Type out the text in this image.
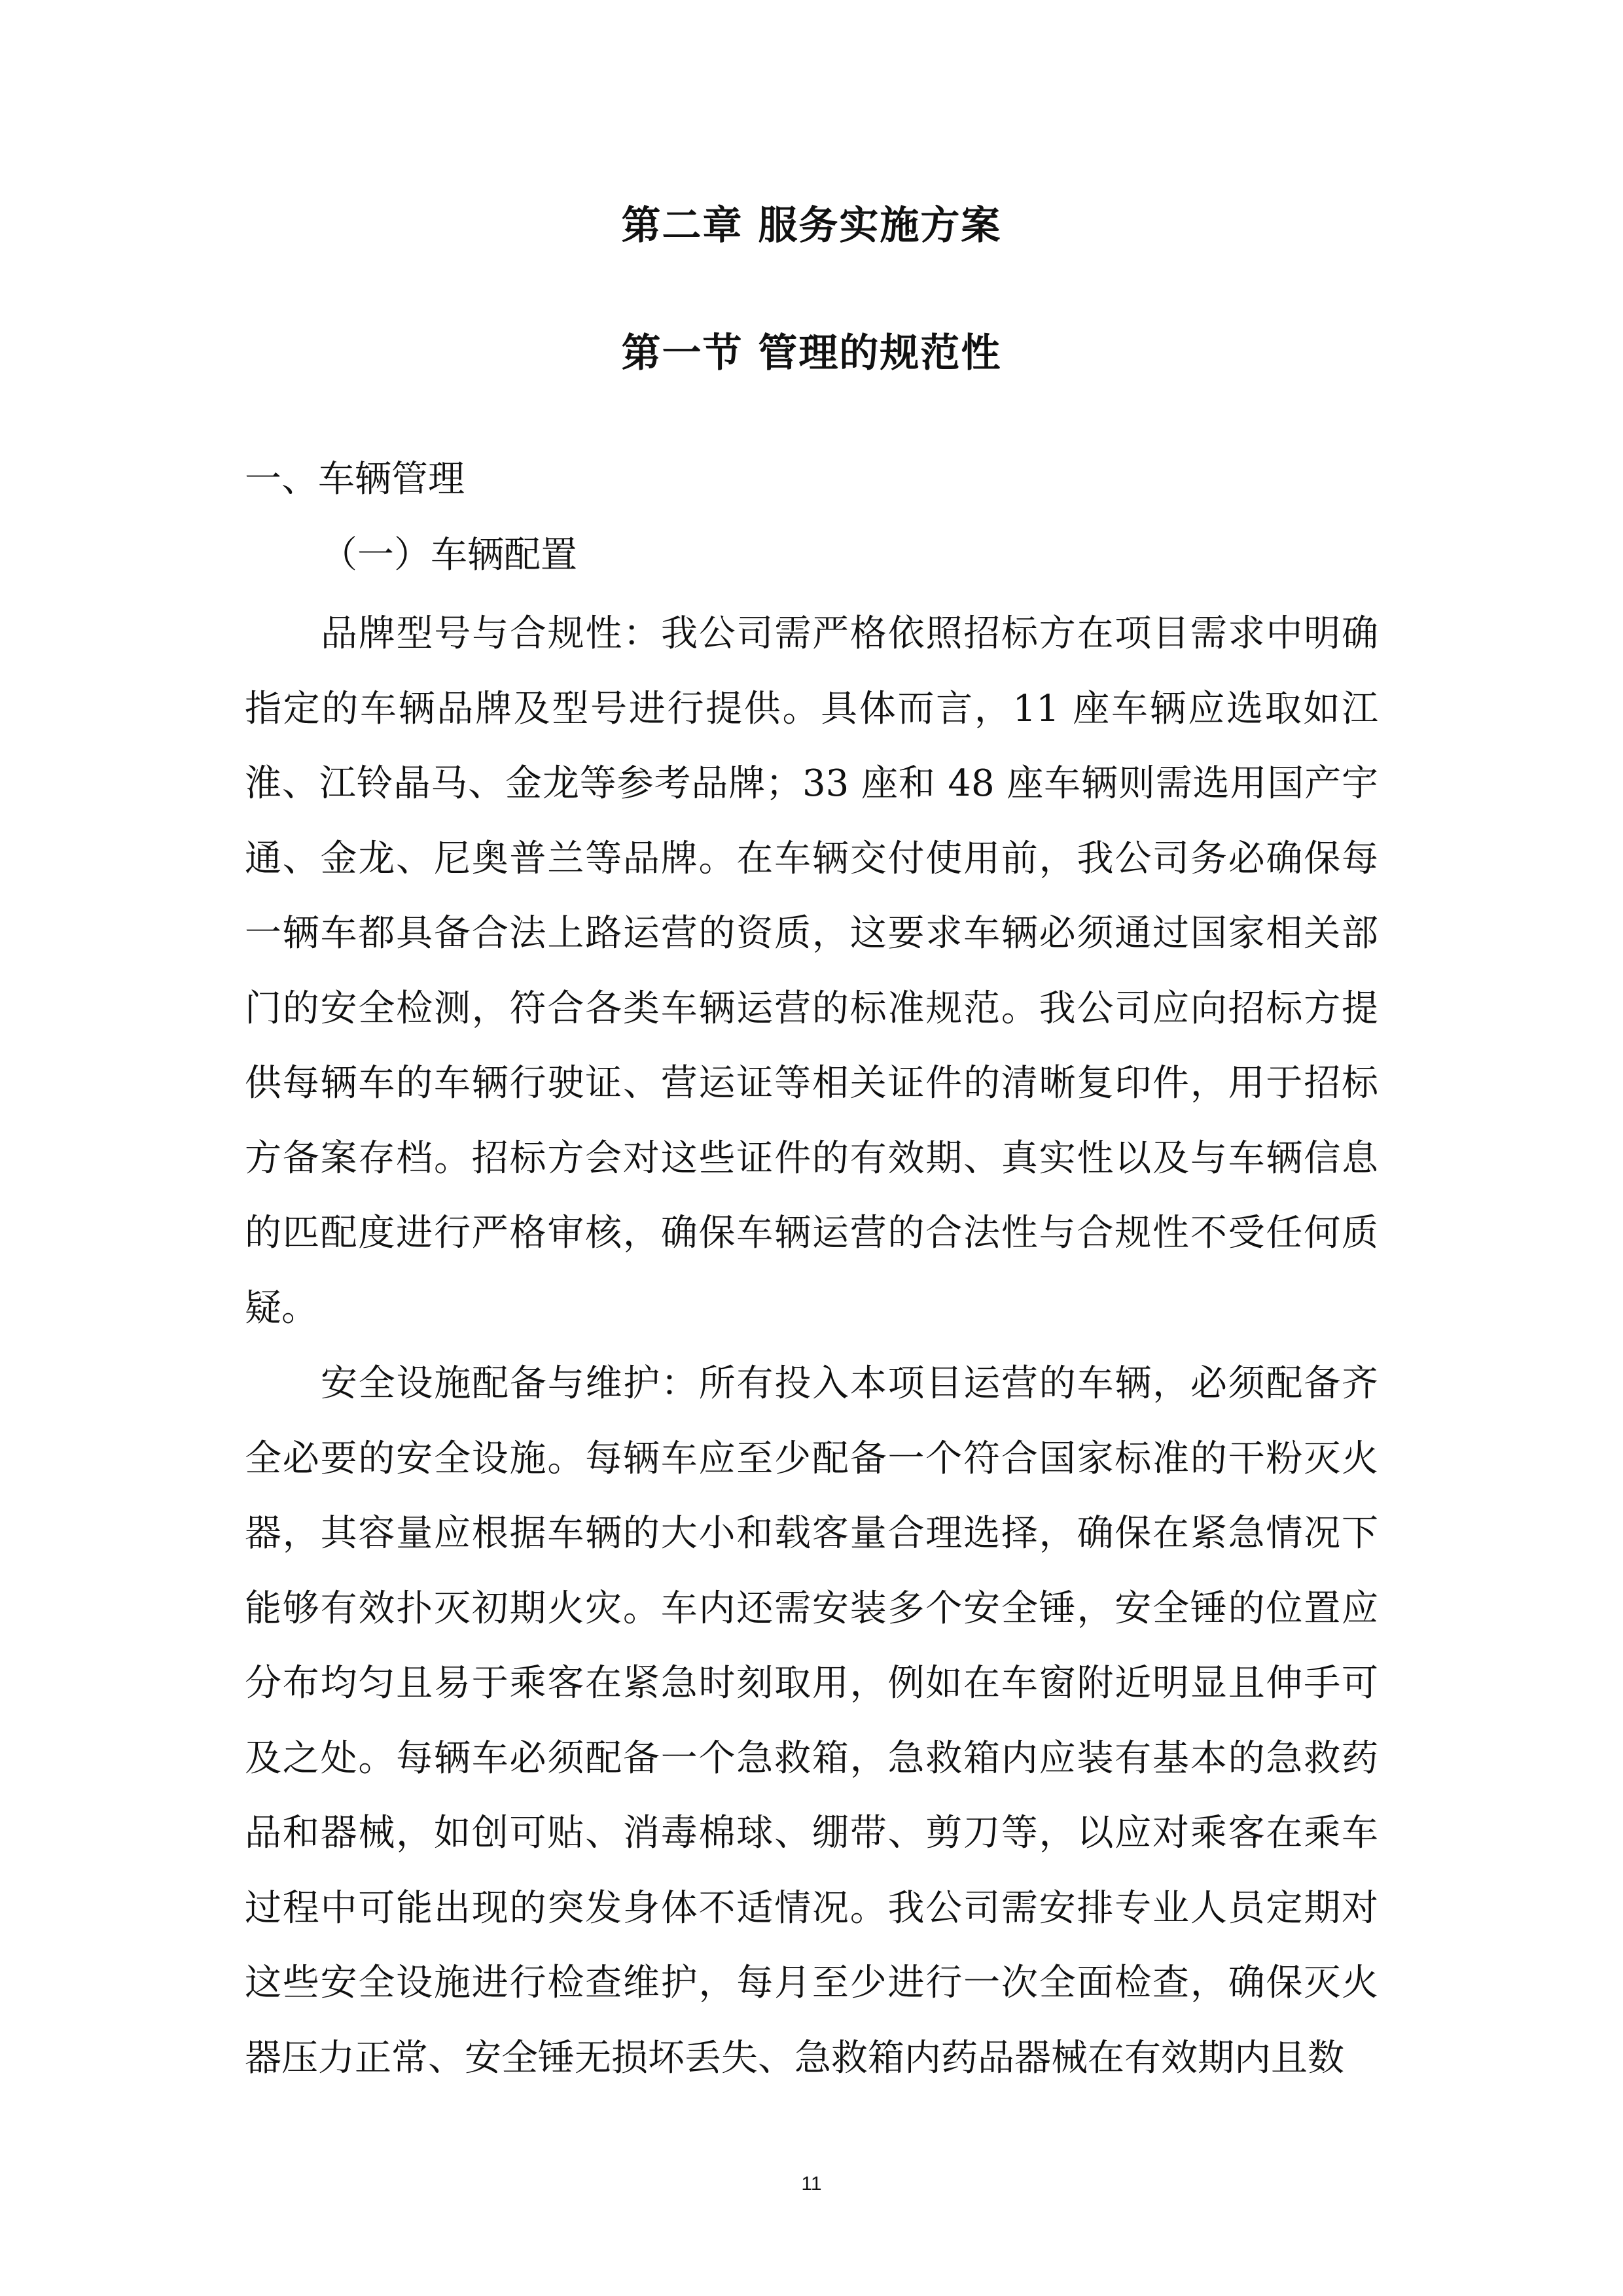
第二章 服务实施方案
第一节 管理的规范性
一、车辆管理
（一）车辆配置

品牌型号与合规性：我公司需严格依照招标方在项目需求中明确指定的车辆品牌及型号进行提供。具体而言，11 座车辆应选取如江淮、江铃晶马、金龙等参考品牌；33 座和 48 座车辆则需选用国产宇通、金龙、尼奥普兰等品牌。在车辆交付使用前，我公司务必确保每一辆车都具备合法上路运营的资质，这要求车辆必须通过国家相关部门的安全检测，符合各类车辆运营的标准规范。我公司应向招标方提供每辆车的车辆行驶证、营运证等相关证件的清晰复印件，用于招标方备案存档。招标方会对这些证件的有效期、真实性以及与车辆信息的匹配度进行严格审核，确保车辆运营的合法性与合规性不受任何质疑。

安全设施配备与维护：所有投入本项目运营的车辆，必须配备齐全必要的安全设施。每辆车应至少配备一个符合国家标准的干粉灭火器，其容量应根据车辆的大小和载客量合理选择，确保在紧急情况下能够有效扑灭初期火灾。车内还需安装多个安全锤，安全锤的位置应分布均匀且易于乘客在紧急时刻取用，例如在车窗附近明显且伸手可及之处。每辆车必须配备一个急救箱，急救箱内应装有基本的急救药品和器械，如创可贴、消毒棉球、绷带、剪刀等，以应对乘客在乘车过程中可能出现的突发身体不适情况。我公司需安排专业人员定期对这些安全设施进行检查维护，每月至少进行一次全面检查，确保灭火器压力正常、安全锤无损坏丢失、急救箱内药品器械在有效期内且数

11
